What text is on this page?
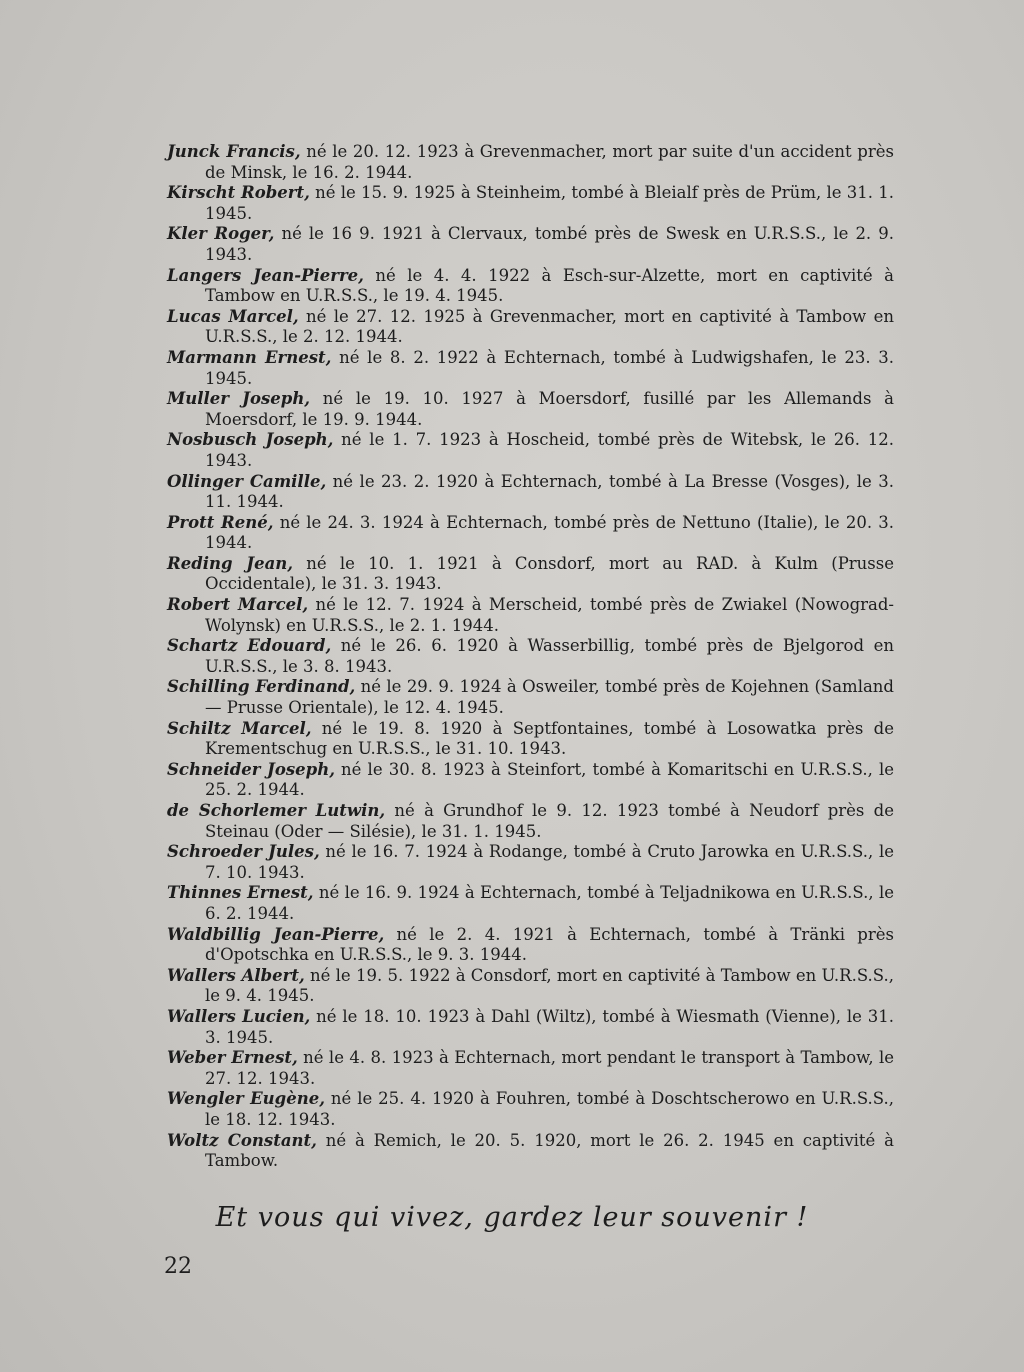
Junck Francis, né le 20. 12. 1923 à Grevenmacher, mort par suite d'un accident près de Minsk, le 16. 2. 1944.

Kirscht Robert, né le 15. 9. 1925 à Steinheim, tombé à Bleialf près de Prüm, le 31. 1. 1945.

Kler Roger, né le 16 9. 1921 à Clervaux, tombé près de Swesk en U.R.S.S., le 2. 9. 1943.

Langers Jean-Pierre, né le 4. 4. 1922 à Esch-sur-Alzette, mort en captivité à Tambow en U.R.S.S., le 19. 4. 1945.

Lucas Marcel, né le 27. 12. 1925 à Grevenmacher, mort en captivité à Tambow en U.R.S.S., le 2. 12. 1944.

Marmann Ernest, né le 8. 2. 1922 à Echternach, tombé à Ludwigshafen, le 23. 3. 1945.

Muller Joseph, né le 19. 10. 1927 à Moersdorf, fusillé par les Allemands à Moersdorf, le 19. 9. 1944.

Nosbusch Joseph, né le 1. 7. 1923 à Hoscheid, tombé près de Witebsk, le 26. 12. 1943.

Ollinger Camille, né le 23. 2. 1920 à Echternach, tombé à La Bresse (Vosges), le 3. 11. 1944.

Prott René, né le 24. 3. 1924 à Echternach, tombé près de Nettuno (Italie), le 20. 3. 1944.

Reding Jean, né le 10. 1. 1921 à Consdorf, mort au RAD. à Kulm (Prusse Occidentale), le 31. 3. 1943.

Robert Marcel, né le 12. 7. 1924 à Merscheid, tombé près de Zwiakel (Nowograd-Wolynsk) en U.R.S.S., le 2. 1. 1944.

Schartz Edouard, né le 26. 6. 1920 à Wasserbillig, tombé près de Bjelgorod en U.R.S.S., le 3. 8. 1943.

Schilling Ferdinand, né le 29. 9. 1924 à Osweiler, tombé près de Kojehnen (Samland — Prusse Orientale), le 12. 4. 1945.

Schiltz Marcel, né le 19. 8. 1920 à Septfontaines, tombé à Losowatka près de Krementschug en U.R.S.S., le 31. 10. 1943.

Schneider Joseph, né le 30. 8. 1923 à Steinfort, tombé à Komaritschi en U.R.S.S., le 25. 2. 1944.

de Schorlemer Lutwin, né à Grundhof le 9. 12. 1923 tombé à Neudorf près de Steinau (Oder — Silésie), le 31. 1. 1945.

Schroeder Jules, né le 16. 7. 1924 à Rodange, tombé à Cruto Jarowka en U.R.S.S., le 7. 10. 1943.

Thinnes Ernest, né le 16. 9. 1924 à Echternach, tombé à Teljadnikowa en U.R.S.S., le 6. 2. 1944.

Waldbillig Jean-Pierre, né le 2. 4. 1921 à Echternach, tombé à Tränki près d'Opotschka en U.R.S.S., le 9. 3. 1944.

Wallers Albert, né le 19. 5. 1922 à Consdorf, mort en captivité à Tambow en U.R.S.S., le 9. 4. 1945.

Wallers Lucien, né le 18. 10. 1923 à Dahl (Wiltz), tombé à Wiesmath (Vienne), le 31. 3. 1945.

Weber Ernest, né le 4. 8. 1923 à Echternach, mort pendant le transport à Tambow, le 27. 12. 1943.

Wengler Eugène, né le 25. 4. 1920 à Fouhren, tombé à Doschtscherowo en U.R.S.S., le 18. 12. 1943.

Woltz Constant, né à Remich, le 20. 5. 1920, mort le 26. 2. 1945 en captivité à Tambow.

Et vous qui vivez, gardez leur souvenir !
22
